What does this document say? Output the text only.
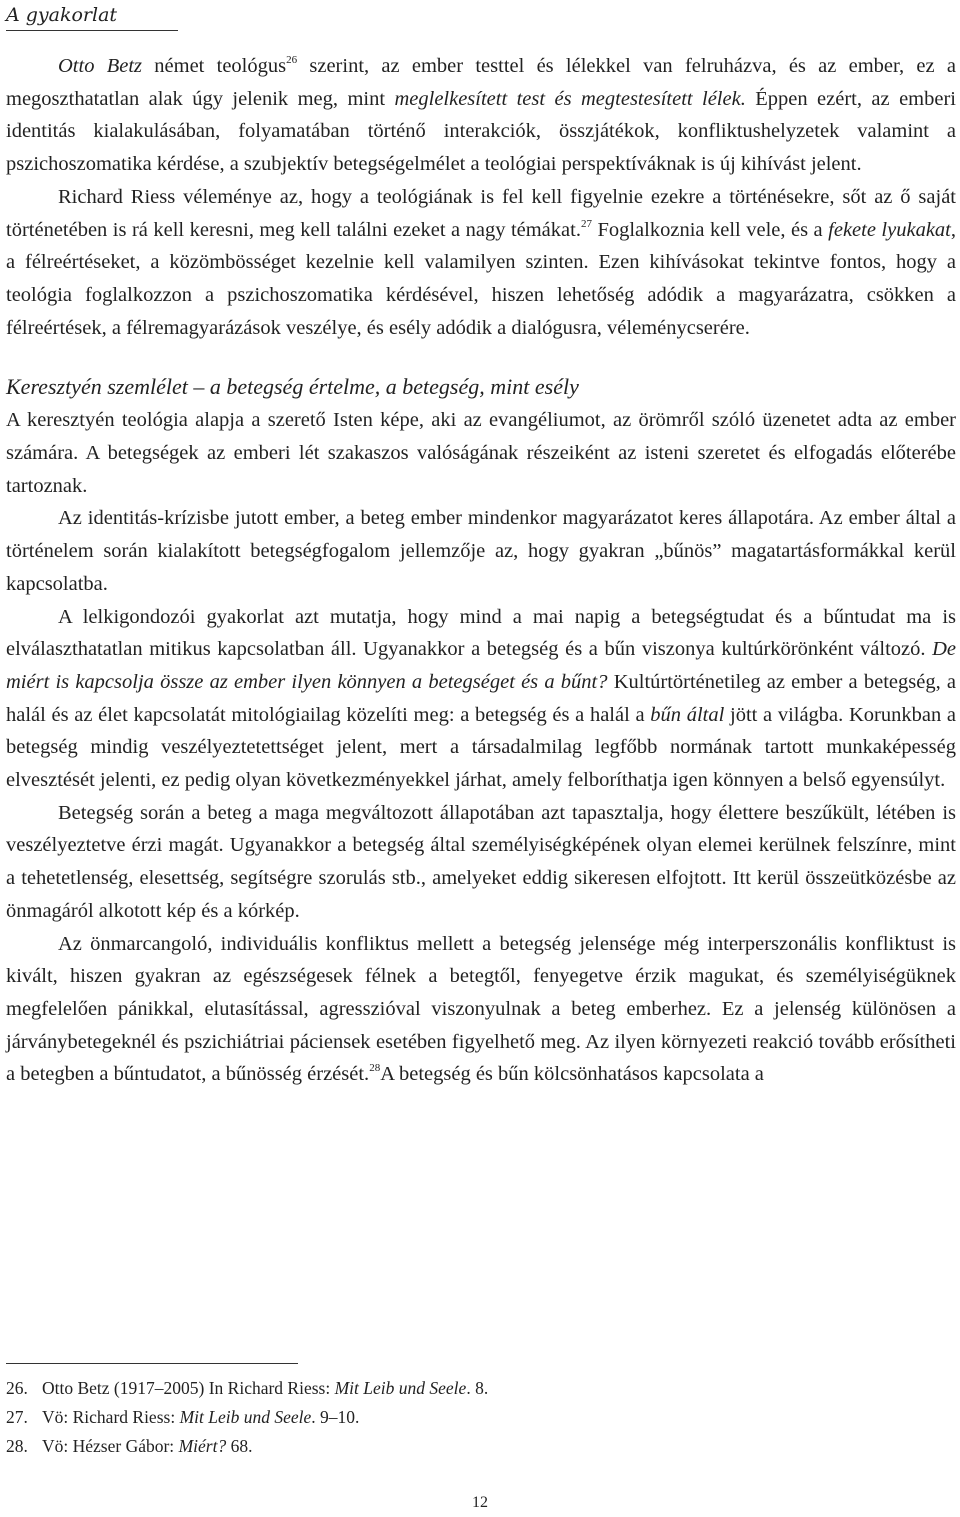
A gyakorlat

Otto Betz német teológus$^{26}$ szerint, az ember testtel és lélekkel van felruházva, és az ember, ez a megoszthatatlan alak úgy jelenik meg, mint meglelkesített test és megtestesített lélek. Éppen ezért, az emberi identitás kialakulásában, folyamatában történő interakciók, összjátékok, konfliktushelyzetek valamint a pszichoszomatika kérdése, a szubjektív betegségelmélet a teológiai perspektíváknak is új kihívást jelent.

Richard Riess véleménye az, hogy a teológiának is fel kell figyelnie ezekre a történésekre, sőt az ő saját történetében is rá kell keresni, meg kell találni ezeket a nagy témákat.$^{27}$ Foglalkoznia kell vele, és a fekete lyukakat, a félreértéseket, a közömbösséget kezelnie kell valamilyen szinten. Ezen kihívásokat tekintve fontos, hogy a teológia foglalkozzon a pszichoszomatika kérdésével, hiszen lehetőség adódik a magyarázatra, csökken a félreértések, a félremagyarázások veszélye, és esély adódik a dialógusra, véleménycserére.

Keresztyén szemlélet – a betegség értelme, a betegség, mint esély

A keresztyén teológia alapja a szerető Isten képe, aki az evangéliumot, az örömről szóló üzenetet adta az ember számára. A betegségek az emberi lét szakaszos valóságának részeiként az isteni szeretet és elfogadás előterébe tartoznak.

Az identitás-krízisbe jutott ember, a beteg ember mindenkor magyarázatot keres állapotára. Az ember által a történelem során kialakított betegségfogalom jellemzője az, hogy gyakran „bűnös” magatartásformákkal kerül kapcsolatba.

A lelkigondozói gyakorlat azt mutatja, hogy mind a mai napig a betegségtudat és a bűntudat ma is elválaszthatatlan mitikus kapcsolatban áll. Ugyanakkor a betegség és a bűn viszonya kultúrkörönként változó. De miért is kapcsolja össze az ember ilyen könnyen a betegséget és a bűnt? Kultúrtörténetileg az ember a betegség, a halál és az élet kapcsolatát mitológiailag közelíti meg: a betegség és a halál a bűn által jött a világba. Korunkban a betegség mindig veszélyeztetettséget jelent, mert a társadalmilag legfőbb normának tartott munkaképesség elvesztését jelenti, ez pedig olyan következményekkel járhat, amely felboríthatja igen könnyen a belső egyensúlyt.

Betegség során a beteg a maga megváltozott állapotában azt tapasztalja, hogy élettere beszűkült, létében is veszélyeztetve érzi magát. Ugyanakkor a betegség által személyiségképének olyan elemei kerülnek felszínre, mint a tehetetlenség, elesettség, segítségre szorulás stb., amelyeket eddig sikeresen elfojtott. Itt kerül összeütközésbe az önmagáról alkotott kép és a kórkép.

Az önmarcangoló, individuális konfliktus mellett a betegség jelensége még interperszonális konfliktust is kivált, hiszen gyakran az egészségesek félnek a betegtől, fenyegetve érzik magukat, és személyiségüknek megfelelően pánikkal, elutasítással, agresszióval viszonyulnak a beteg emberhez. Ez a jelenség különösen a járványbetegeknél és pszichiátriai páciensek esetében figyelhető meg. Az ilyen környezeti reakció tovább erősítheti a betegben a bűntudatot, a bűnösség érzését.$^{28}$A betegség és bűn kölcsönhatásos kapcsolata a

26. Otto Betz (1917–2005) In Richard Riess: Mit Leib und Seele. 8.
27. Vö: Richard Riess: Mit Leib und Seele. 9–10.
28. Vö: Hézser Gábor: Miért? 68.
12
